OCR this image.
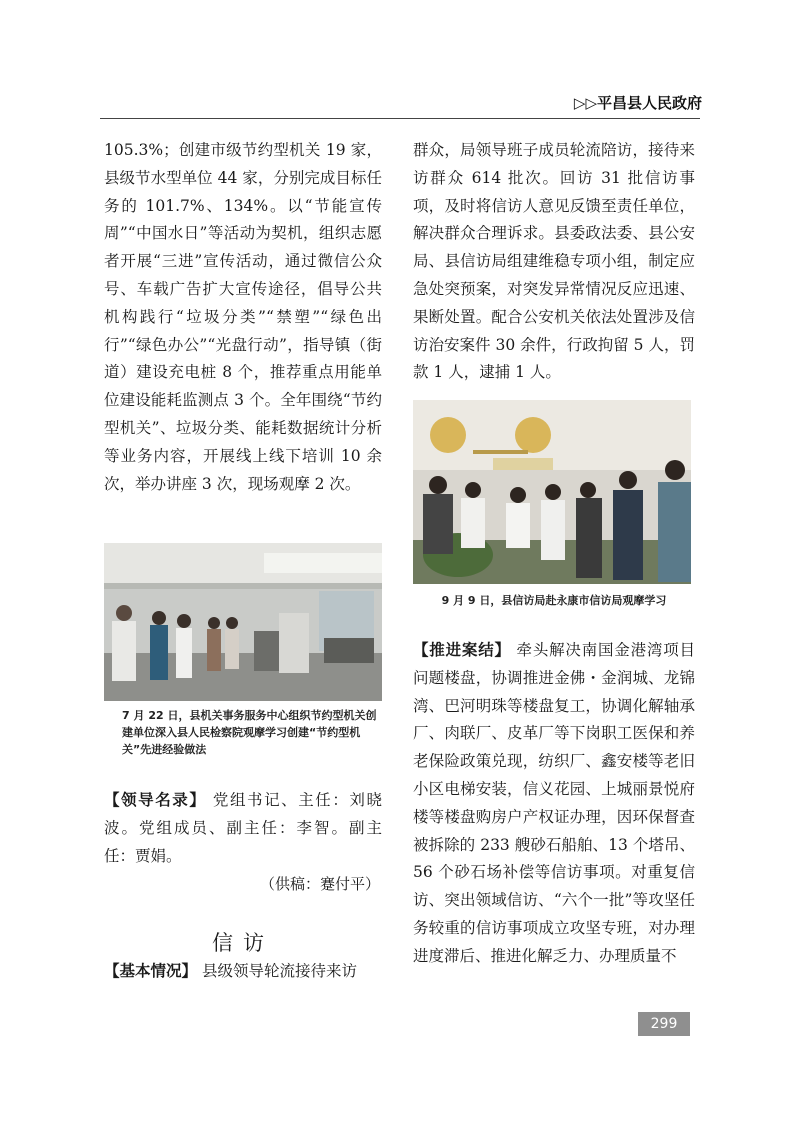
▷▷平昌县人民政府

105.3%；创建市级节约型机关 19 家，县级节水型单位 44 家，分别完成目标任务的 101.7%、134%。以“节能宣传周”“中国水日”等活动为契机，组织志愿者开展“三进”宣传活动，通过微信公众号、车载广告扩大宣传途径，倡导公共机构践行“垃圾分类”“禁塑”“绿色出行”“绿色办公”“光盘行动”，指导镇（街道）建设充电桩 8 个，推荐重点用能单位建设能耗监测点 3 个。全年围绕“节约型机关”、垃圾分类、能耗数据统计分析等业务内容，开展线上线下培训 10 余次，举办讲座 3 次，现场观摩 2 次。

7 月 22 日，县机关事务服务中心组织节约型机关创建单位深入县人民检察院观摩学习创建“节约型机关”先进经验做法

【领导名录】 党组书记、主任：刘晓波。党组成员、副主任：李智。副主任：贾娟。

（供稿：蹇付平）
信访

【基本情况】 县级领导轮流接待来访

群众，局领导班子成员轮流陪访，接待来访群众 614 批次。回访 31 批信访事项，及时将信访人意见反馈至责任单位，解决群众合理诉求。县委政法委、县公安局、县信访局组建维稳专项小组，制定应急处突预案，对突发异常情况反应迅速、果断处置。配合公安机关依法处置涉及信访治安案件 30 余件，行政拘留 5 人，罚款 1 人，逮捕 1 人。

9 月 9 日，县信访局赴永康市信访局观摩学习

【推进案结】 牵头解决南国金港湾项目问题楼盘，协调推进金佛・金润城、龙锦湾、巴河明珠等楼盘复工，协调化解轴承厂、肉联厂、皮革厂等下岗职工医保和养老保险政策兑现，纺织厂、鑫安楼等老旧小区电梯安装，信义花园、上城丽景悦府楼等楼盘购房户产权证办理，因环保督查被拆除的 233 艘砂石船舶、13 个塔吊、56 个砂石场补偿等信访事项。对重复信访、突出领域信访、“六个一批”等攻坚任务较重的信访事项成立攻坚专班，对办理进度滞后、推进化解乏力、办理质量不

299
